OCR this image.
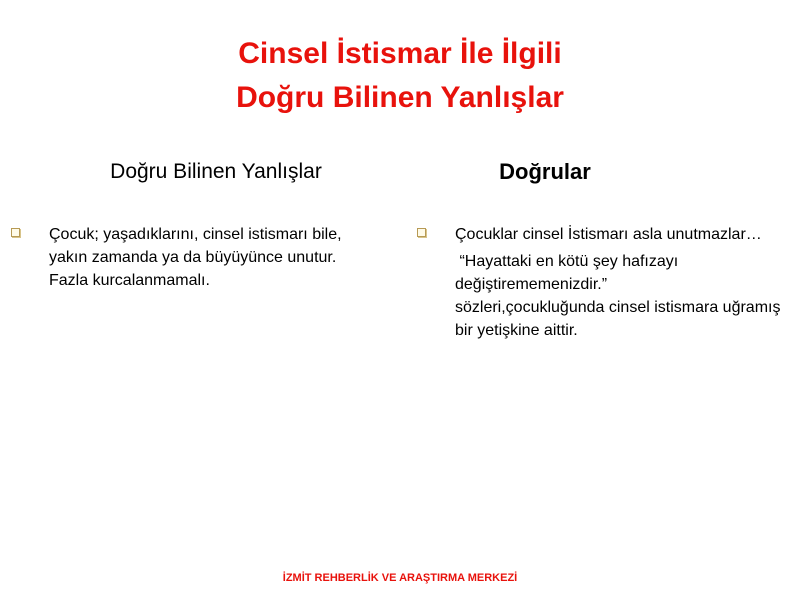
Cinsel İstismar İle İlgili
Doğru Bilinen Yanlışlar
Doğru Bilinen Yanlışlar	Doğrular
Çocuk; yaşadıklarını, cinsel istismarı bile, yakın zamanda ya da büyüyünce unutur. Fazla kurcalanmamalı.
Çocuklar cinsel İstismarı asla unutmazlar…
“Hayattaki en kötü şey hafızayı
değiştirememenizdir.”
sözleri,çocukluğunda cinsel istismara uğramış bir yetişkine aittir.
İZMİT REHBERLİK VE ARAŞTIRMA MERKEZİ
